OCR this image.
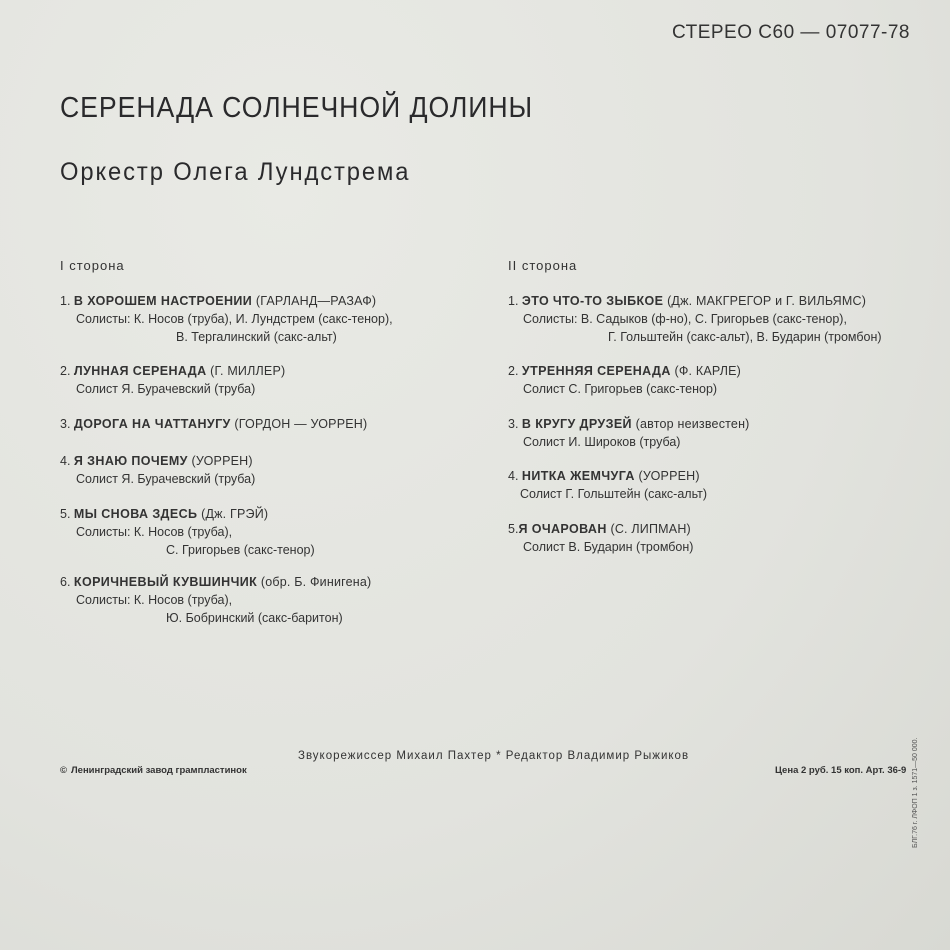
СТЕРЕО С60 — 07077-78
СЕРЕНАДА СОЛНЕЧНОЙ ДОЛИНЫ
Оркестр Олега Лундстрема
I сторона	II сторона
1. В ХОРОШЕМ НАСТРОЕНИИ (ГАРЛАНД—РАЗАФ)
Солисты: К. Носов (труба), И. Лундстрем (сакс-тенор),
В. Тергалинский (сакс-альт)
2. ЛУННАЯ СЕРЕНАДА (Г. МИЛЛЕР)
Солист Я. Бурачевский (труба)
3. ДОРОГА НА ЧАТТАНУГУ (ГОРДОН — УОРРЕН)
4. Я ЗНАЮ ПОЧЕМУ (УОРРЕН)
Солист Я. Бурачевский (труба)
5. МЫ СНОВА ЗДЕСЬ (Дж. ГРЭЙ)
Солисты: К. Носов (труба),
С. Григорьев (сакс-тенор)
6. КОРИЧНЕВЫЙ КУВШИНЧИК (обр. Б. Финигена)
Солисты: К. Носов (труба),
Ю. Бобринский (сакс-баритон)
1. ЭТО ЧТО-ТО ЗЫБКОЕ (Дж. МАКГРЕГОР и Г. ВИЛЬЯМС)
Солисты: В. Садыков (ф-но), С. Григорьев (сакс-тенор),
Г. Гольштейн (сакс-альт), В. Бударин (тромбон)
2. УТРЕННЯЯ СЕРЕНАДА (Ф. КАРЛЕ)
Солист С. Григорьев (сакс-тенор)
3. В КРУГУ ДРУЗЕЙ (автор неизвестен)
Солист И. Широков (труба)
4. НИТКА ЖЕМЧУГА (УОРРЕН)
Солист Г. Гольштейн (сакс-альт)
5.Я ОЧАРОВАН (С. ЛИПМАН)
Солист В. Бударин (тромбон)
© Ленинградский завод грампластинок
Звукорежиссер Михаил Пахтер * Редактор Владимир Рыжиков
Цена 2 руб. 15 коп. Арт. 36-9 БЛГ.76 г. ЛФОП 1 з. 1571—50 000.
